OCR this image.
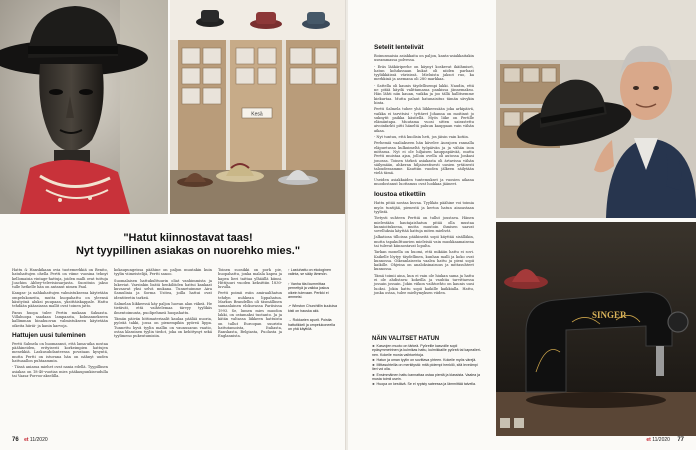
Kesä
"Hatut kiinnostavat taas!
Nyt tyypillinen asiakas on nuorehko mies."

Hattu & Hanskikaan ovia tuotemerkkiä on Benito, hatuhattujen ohella Pertti on viime vuosina tehnyt kellomaisia vintage-hattuja, joiden malli ovat tuttuja Joachim Abbey-televisiosarjasta. Suosituin jakso tulle hetkelle hän on antanut nimen Paul.

Kangas- ja nahkahattujen valmistuksessa käytetään ompelukoneita, mutta huopahattu on yleensä käsityönä aluksi puupaan, yksittäiskappale. Hattu tehdään pääasiassa mallit ovat toinen jatto.

Paras huopa tulee Pertin mukaan Saksasta. Villahuopa saadaan lampaasta, kolmannekseen kallimman hinahuovan valmistukseen käytetään oikeita hiiriä- ja kanin karvoja.

Hattujen uusi tuleminen

Pertti Salmela on huomannut, että lama-aika nostaa päähineiden, erityisesti korkeimpien hattujen menekkiä. Laskusuhdanteessa povataan kysyntä, mutta Pertti on istuvana hän on nähnyt uuden hattuaallon puhtaammin.

- Tässä aniassa miehet ovat nania edellä. Tyypillinen asiakas on 18-40-vuotias mies pääkaupunkiseudulla tai Vaasa-Porvoo-akselilla.

kokaupungeissa päähine on paljon muutakin kuin tyylin viimeistelijä, Pertti sanoo.

Suomalaisen hattukulttuurin oliat vanhimmista ja lukeviat. Varsinkin lisätä henkilöiden hattui kankaat kuvaavat yksi selvä mukana. Tunnetuimme Aira Samulinia ja Sorma Usitea, joilla hattui ovat identiteetin tarkeä.

Salmelan liikkeessä käy paljon luovan alan väkeä. He tietävät, että vaihtelemaa tärvyy tyylikäs ilmentoimunta, puolipehmeä huopahattu.

Tämän päivän hittimateriaalit kaulaa päälää nuoria, pyörää takki, jossa on pienempikin pyöreä lippa. Tunnettu hyvä tyylin mallin on vaunusaran vaatio, ostaa klassinen tyylin tiedot, joka on kehittynyt sekä tyylimeno pukeutumisiin.

Toinen suosikki on pork pie, huopahattu, jonka malala kapea ja kapea lieri taittaa ylhäällä kiinni. Hittijuuri vuoden keksittiin 1830-luvulla.

Pertti poimii esiin amiraalihatun tehdyn nuhkean lippahatun. Markus Brandellin oli täsmällinen samanlainen elokuvassa Pariisissa 1993. Se, lumen mies muodon lakki, on ostamaksi tuotanto. Ja ja kätän valtassa liikkeen hattuista on tullut Euroopan suurista hattutamoista, Italiasta, Ranskasta, Belgiasta, Puolasta ja Englannista.

↑ Lastuhattu on ekologinen valinta, se sääy lämmön.

↑ Vanha täsi kummittaa pernettyä ja vaikka joskus oikein tulevaan. Perikki ei ammeisi.

↗ Winston Churchillin kuuluisa kisti on hauska akk.

→ Rokkarien apurit. Poistia hattutikkeli ja ompelukoneella on yhä käyttöä.

76 et 11/2020
Setelit lentelivät

Boinusmaisia asiakkaita on paljon, kanta-asiakkaitakin useammassa polvessa.

- Eräs lääkäriperhe on käynyt koskevat ikäihmiset, hatun kohdassaan kukat oli niiden parhaat tyyliikkäissä värisissä. Mieluista jaksot ruo, ka merkkinä ja asemana oli 280 markkaa.

- Sattella oli kaunis täydellisempi lakki. Naudin, että ne pitää käydä valittamassa pankissa jännemaksu. Hän lähti niin kauan, vaikka ja joo tällä hallitsemme kiekurtaa. Mutta palaut hatunaisitus tämän sävykin hinta.

Pertti Salmela tuhee yhä liikkeessään joka arkipäivä, vaikka ei tarvitsisi - tyttäret Johanna on moitinut jo suknytit paikka käsitellä. Myös liike on Pertille elämäntapa. Muutama vuosi sitten sairastettu aivoinfarkti pitti häneltä paluun kauppaan vain vähän aikaa.

- Nyt tuntuu, että kuolisin heti, jos jäisin vain kotiin.

Perhemiä vaaliakseen hän kävelee Aurajoen rannalla eläpuetussa kulkuimeltä työpäivän ja ja vähän ison mittassa. Nyt ei ole hiljaisen kauppapäivää, mutta Pertti muistaa ajan, jolloin ovella oli autossa Jonkasi jonossa. Toinen tärkeä asiakasta oli ärtavissa vähän säilymään, ahkeran hiljaisestisesti uusien yrtäisesti taloudessamme. Kauttiin vuoden jälkeen säilytään vielä tämä.

Useiden asiakkaiden tuntemukset ja vuosien aikana muodostanut luottamus ovat luokkaa jääneet.

Ioustoa etikettiin

Hattu pitää nostaa kuvaa. Tyylikäs päähine voi toimia myös tuntijää, pienestä ja kertoa hatun ainoastaan tyylistä.

Tietysti suhteen Perttiä on tullut joustava. Hänen mielestään hautajaishatun pitää olla mustaa kunnioituksena, mutta muutoin ihmisen saavat sovelluksia käyttää hattuja miten mielivät.

Jalkatiosa tilloissa päähineitä sopii käyttää sisälläkin, mutta tapakulttuurien mieleisiä vain muokkaamaisena tai tulevat kiinnostavat lopulta.

Tarkan monella on huomi, että mikään hattu ei sovi. Kaikelle löytyy täydellinen, kunhan malli ja koko ovat kunnossa. Oikeanlaisesta vaalea hattu ja pieni sopii kaikille. Ohjeina on analoksinaisuus ja mittasuhteet kunnossa.

Tämä toimii aina, kun ei vain ole hiukan sama ja hattu ei ole ahdistava: kokeilla ja vauhtia tarvittaessa jossain jossain. Jokin viikon vaihtoehto on kaunis uusi luoksi. Jokin hattu sopii kaikille kaikkialla. Hattu, jonka ostaa, tulee mieltymyksen viiden.

SINGER
NÄIN VALITSET HATUN

► Kasvojen muoto on tärkeä. Pyöreille kasvoille sopii epäsymmetrinen ja kulmikas hattu, kulmikkaille pyöreä tai kapealieri-nen. Kokeile monia vaihtoehtoja.

► Hatun ja oman tyylin on sovittava yhteen. Kokeile myös värejä.

► Mittasuhteilla on merkitystä: mitä pidempi henkilö, sitä leveämpi lieri voi olla.

► Ensimmäinen hattu kannattaa ostaa pientä ja klassista. Vaalea ja musta toimii usein.

► Huopa on kestävä. Se ei rypisty sateessa ja lämmittää talvella.

et 11/2020 77
